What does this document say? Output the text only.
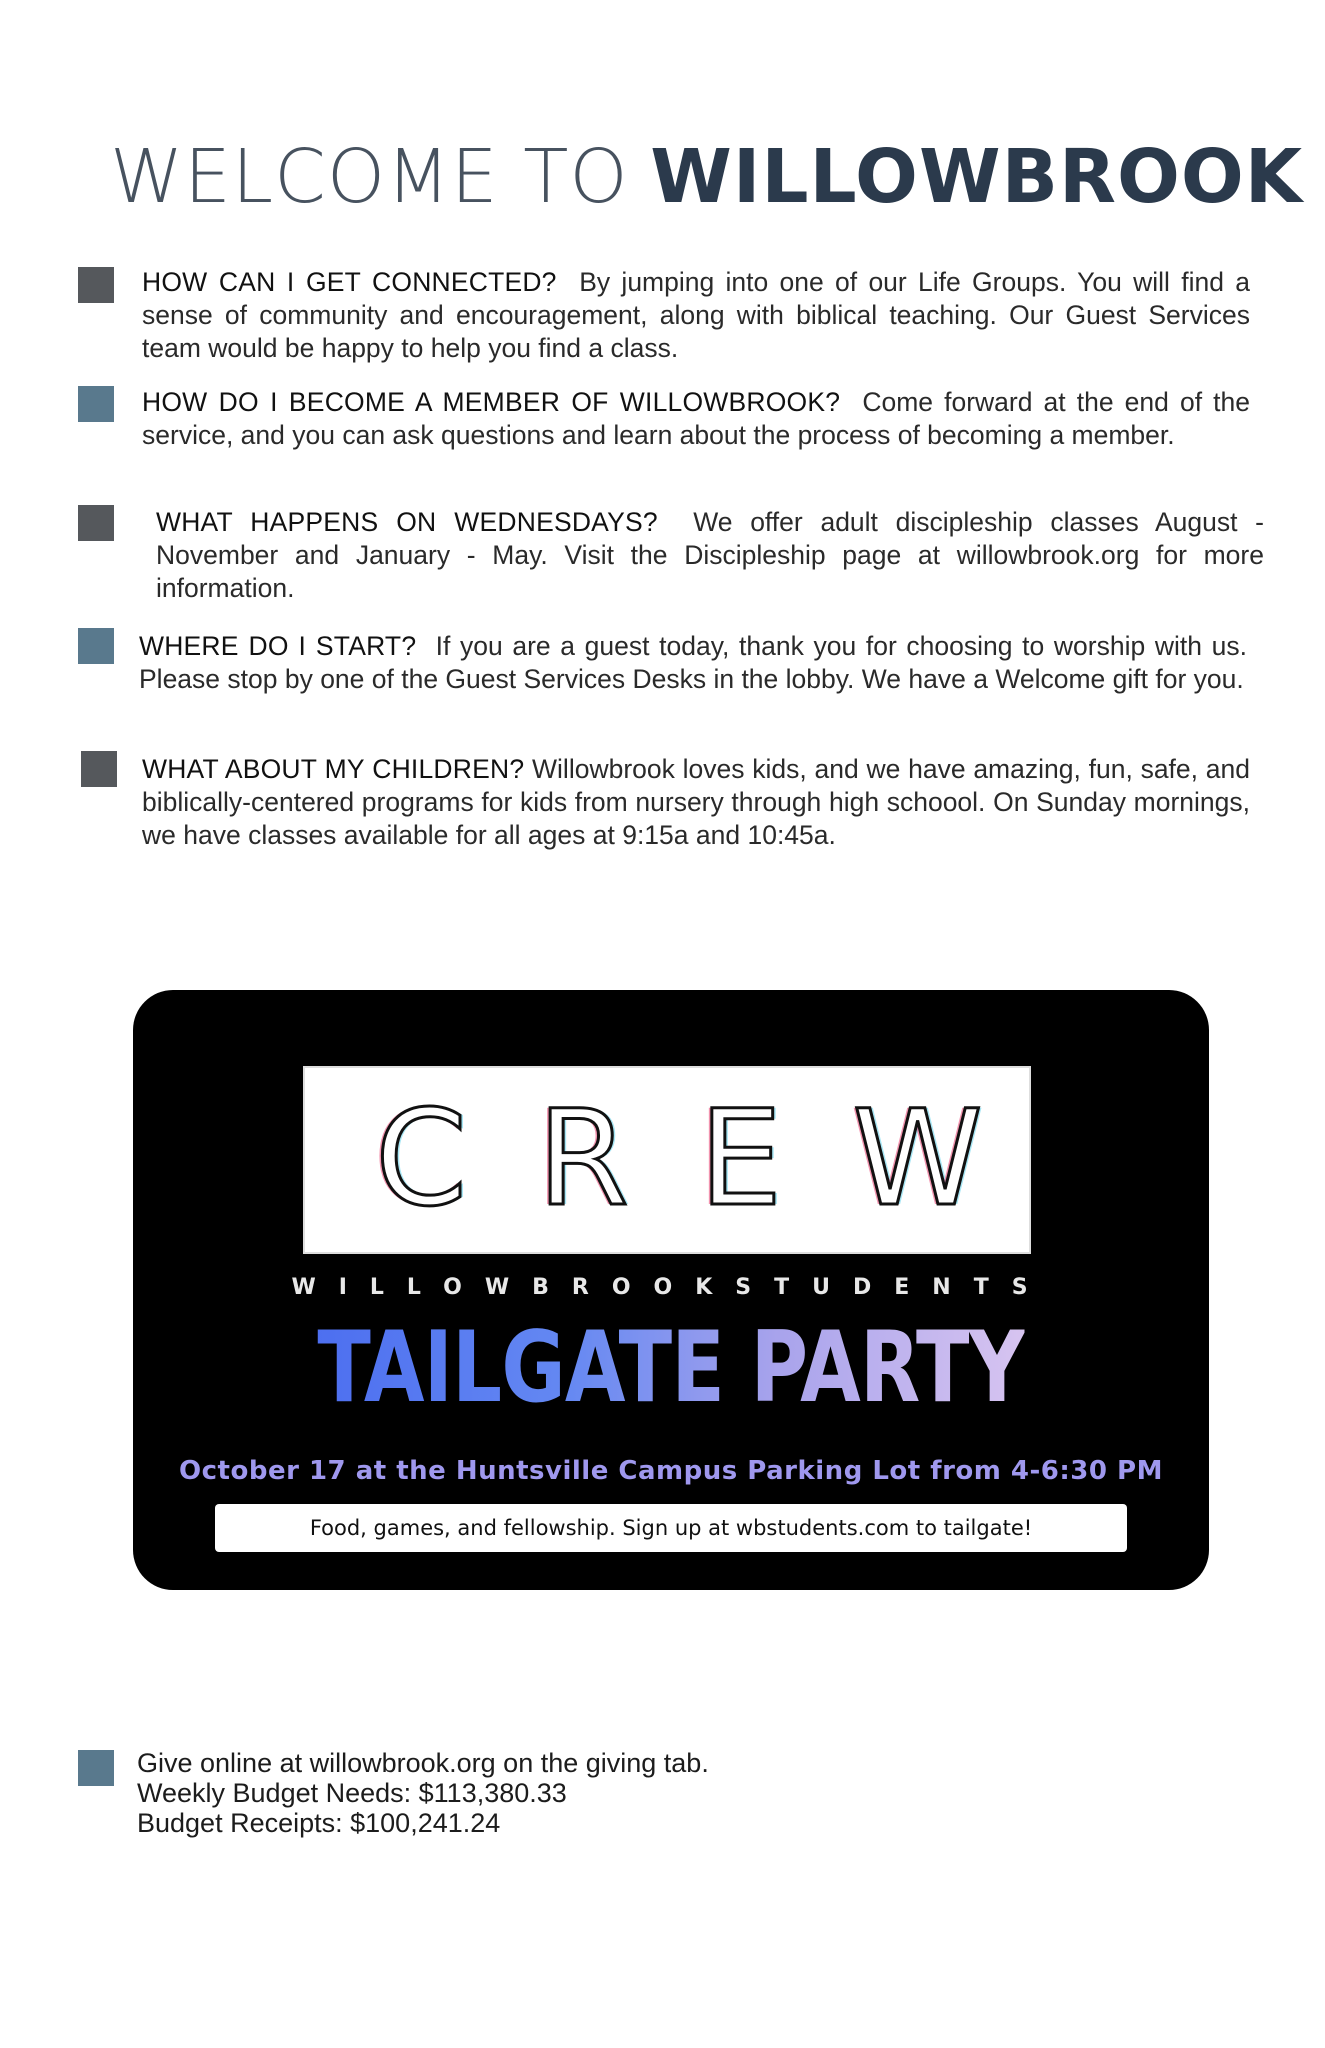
WELCOME TO WILLOWBROOK

HOW CAN I GET CONNECTED? By jumping into one of our Life Groups. You will find a sense of community and encouragement, along with biblical teaching. Our Guest Services team would be happy to help you find a class.

HOW DO I BECOME A MEMBER OF WILLOWBROOK? Come forward at the end of the service, and you can ask questions and learn about the process of becoming a member.

WHAT HAPPENS ON WEDNESDAYS? We offer adult discipleship classes August - November and January - May. Visit the Discipleship page at willowbrook.org for more information.

WHERE DO I START? If you are a guest today, thank you for choosing to worship with us. Please stop by one of the Guest Services Desks in the lobby. We have a Welcome gift for you.

WHAT ABOUT MY CHILDREN? Willowbrook loves kids, and we have amazing, fun, safe, and biblically-centered programs for kids from nursery through high schoool. On Sunday mornings, we have classes available for all ages at 9:15a and 10:45a.

CREW
WILLOWBROOKSTUDENTS
TAILGATE PARTY
October 17 at the Huntsville Campus Parking Lot from 4-6:30 PM
Food, games, and fellowship. Sign up at wbstudents.com to tailgate!
Give online at willowbrook.org on the giving tab.
Weekly Budget Needs: $113,380.33
Budget Receipts: $100,241.24
